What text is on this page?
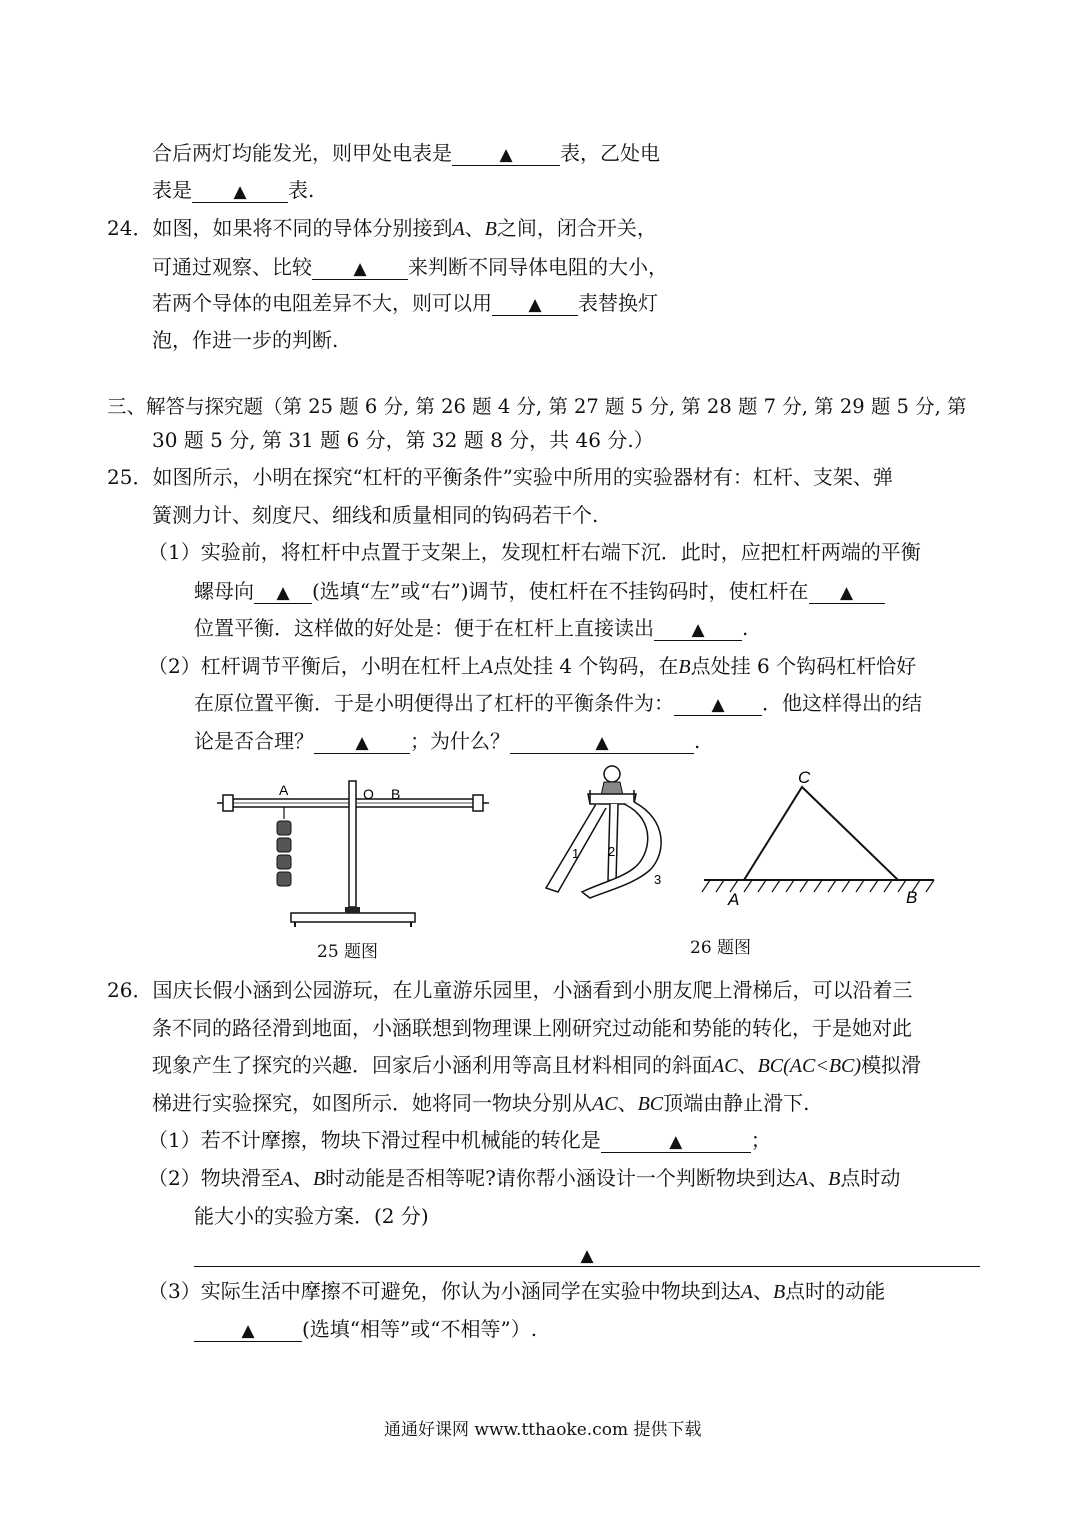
合后两灯均能发光，则甲处电表是	▲ 表，乙处电
表是 ▲ 表.
24．如图，如果将不同的导体分别接到A、B之间，闭合开关，
可通过观察、比较 ▲ 来判断不同导体电阻的大小，
若两个导体的电阻差异不大，则可以用 ▲ 表替换灯
泡，作进一步的判断.
三、解答与探究题（第 25 题 6 分, 第 26 题 4 分, 第 27 题 5 分, 第 28 题 7 分, 第 29 题 5 分, 第
30 题 5 分, 第 31 题 6 分，第 32 题 8 分，共 46 分.）
25．如图所示，小明在探究“杠杆的平衡条件”实验中所用的实验器材有：杠杆、支架、弹
簧测力计、刻度尺、细线和质量相同的钩码若干个.
（1）实验前，将杠杆中点置于支架上，发现杠杆右端下沉．此时，应把杠杆两端的平衡
螺母向 ▲ (选填“左”或“右”)调节，使杠杆在不挂钩码时，使杠杆在 ▲
位置平衡．这样做的好处是：便于在杠杆上直接读出 ▲ .
（2）杠杆调节平衡后，小明在杠杆上A点处挂 4 个钩码，在B点处挂 6 个钩码杠杆恰好
在原位置平衡．于是小明便得出了杠杆的平衡条件为： ▲ ．他这样得出的结
论是否合理？ ▲ ；为什么？	▲	.
A	O B
25 题图
1 2
3
C
A	B
26 题图
26．国庆长假小涵到公园游玩，在儿童游乐园里，小涵看到小朋友爬上滑梯后，可以沿着三
条不同的路径滑到地面，小涵联想到物理课上刚研究过动能和势能的转化，于是她对此
现象产生了探究的兴趣．回家后小涵利用等高且材料相同的斜面AC、BC(AC<BC)模拟滑
梯进行实验探究，如图所示．她将同一物块分别从AC、BC顶端由静止滑下.
（1）若不计摩擦，物块下滑过程中机械能的转化是	▲	；
（2）物块滑至A、B时动能是否相等呢?请你帮小涵设计一个判断物块到达A、B点时动
能大小的实验方案．(2 分)
▲
（3）实际生活中摩擦不可避免，你认为小涵同学在实验中物块到达A、B点时的动能
▲ (选填“相等”或“不相等”）.
通通好课网 www.tthaoke.com 提供下载
